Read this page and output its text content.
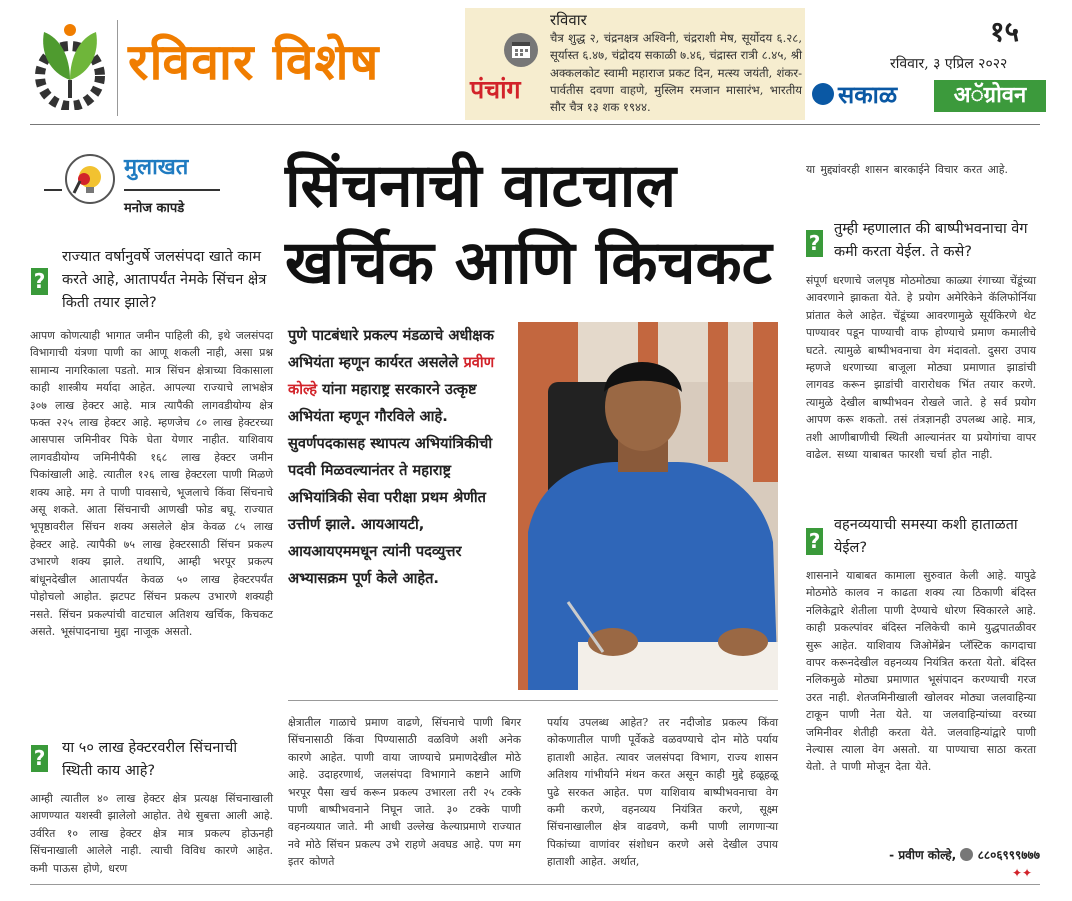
रविवार विशेष	पंचांग
रविवार
चैत्र शुद्ध २, चंद्रनक्षत्र अश्विनी, चंद्रराशी मेष, सूर्योदय ६.२८, सूर्यास्त ६.४७, चंद्रोदय सकाळी ७.४६, चंद्रास्त रात्री ८.४५, श्री अक्कलकोट स्वामी महाराज प्रकट दिन, मत्स्य जयंती, शंकर-पार्वतीस दवणा वाहणे, मुस्लिम रमजान मासारंभ, भारतीय सौर चैत्र १३ शक १९४४.
१५
रविवार, ३ एप्रिल २०२२
सकाळ	अॅग्रोवन
मुलाखत
मनोज कापडे सिंचनाची वाटचाल
खर्चिक आणि किचकट
?
राज्यात वर्षानुवर्षे जलसंपदा खाते काम करते आहे, आतापर्यंत नेमके सिंचन क्षेत्र किती तयार झाले?
आपण कोणत्याही भागात जमीन पाहिली की, इथे जलसंपदा विभागाची यंत्रणा पाणी का आणू शकली नाही, असा प्रश्न सामान्य नागरिकाला पडतो. मात्र सिंचन क्षेत्राच्या विकासाला काही शास्त्रीय मर्यादा आहेत. आपल्या राज्याचे लाभक्षेत्र ३०७ लाख हेक्टर आहे. मात्र त्यापैकी लागवडीयोग्य क्षेत्र फक्त २२५ लाख हेक्टर आहे. म्हणजेच ८० लाख हेक्टरच्या आसपास जमिनीवर पिके घेता येणार नाहीत. याशिवाय लागवडीयोग्य जमिनीपैकी १६८ लाख हेक्टर जमीन पिकांखाली आहे. त्यातील १२६ लाख हेक्टरला पाणी मिळणे शक्य आहे. मग ते पाणी पावसाचे, भूजलाचे किंवा सिंचनाचे असू शकते. आता सिंचनाची आणखी फोड बघू. राज्यात भूपृष्ठावरील सिंचन शक्य असलेले क्षेत्र केवळ ८५ लाख हेक्टर आहे. त्यापैकी ७५ लाख हेक्टरसाठी सिंचन प्रकल्प उभारणे शक्य झाले. तथापि, आम्ही भरपूर प्रकल्प बांधूनदेखील आतापर्यंत केवळ ५० लाख हेक्टरपर्यंत पोहोचलो आहोत. झटपट सिंचन प्रकल्प उभारणे शक्यही नसते. सिंचन प्रकल्पांची वाटचाल अतिशय खर्चिक, किचकट असते. भूसंपादनाचा मुद्दा नाजूक असतो.
? या ५० लाख हेक्टरवरील सिंचनाची स्थिती काय आहे?
आम्ही त्यातील ४० लाख हेक्टर क्षेत्र प्रत्यक्ष सिंचनाखाली आणण्यात यशस्वी झालेलो आहोत. तेथे सुबत्ता आली आहे. उर्वरित १० लाख हेक्टर क्षेत्र मात्र प्रकल्प होऊनही सिंचनाखाली आलेले नाही. त्याची विविध कारणे आहेत. कमी पाऊस होणे, धरण
पुणे पाटबंधारे प्रकल्प मंडळाचे अधीक्षक अभियंता म्हणून कार्यरत असलेले प्रवीण कोल्हे यांना महाराष्ट्र सरकारने उत्कृष्ट अभियंता म्हणून गौरविले आहे. सुवर्णपदकासह स्थापत्य अभियांत्रिकीची पदवी मिळवल्यानंतर ते महाराष्ट्र अभियांत्रिकी सेवा परीक्षा प्रथम श्रेणीत उत्तीर्ण झाले. आयआयटी, आयआयएममधून त्यांनी पदव्युत्तर अभ्यासक्रम पूर्ण केले आहेत.
क्षेत्रातील गाळाचे प्रमाण वाढणे, सिंचनाचे पाणी बिगर सिंचनासाठी किंवा पिण्यासाठी वळविणे अशी अनेक कारणे आहेत. पाणी वाया जाण्याचे प्रमाणदेखील मोठे आहे. उदाहरणार्थ, जलसंपदा विभागाने कष्टाने आणि भरपूर पैसा खर्च करून प्रकल्प उभारला तरी २५ टक्के पाणी बाष्पीभवनाने निघून जाते. ३० टक्के पाणी वहनव्ययात जाते. मी आधी उल्लेख केल्याप्रमाणे राज्यात नवे मोठे सिंचन प्रकल्प उभे राहणे अवघड आहे. पण मग इतर कोणते
पर्याय उपलब्ध आहेत? तर नदीजोड प्रकल्प किंवा कोकणातील पाणी पूर्वेकडे वळवण्याचे दोन मोठे पर्याय हाताशी आहेत. त्यावर जलसंपदा विभाग, राज्य शासन अतिशय गांभीर्याने मंथन करत असून काही मुद्दे हळूहळू पुढे सरकत आहेत. पण याशिवाय बाष्पीभवनाचा वेग कमी करणे, वहनव्यय नियंत्रित करणे, सूक्ष्म सिंचनाखालील क्षेत्र वाढवणे, कमी पाणी लागणाऱ्या पिकांच्या वाणांवर संशोधन करणे असे देखील उपाय हाताशी आहेत. अर्थात,
या मुद्द्यांवरही शासन बारकाईने विचार करत आहे.
?
तुम्ही म्हणालात की बाष्पीभवनाचा वेग कमी करता येईल. ते कसे?
संपूर्ण धरणाचे जलपृष्ठ मोठमोठ्या काळ्या रंगाच्या चेंडूंच्या आवरणाने झाकता येते. हे प्रयोग अमेरिकेने कॅलिफोर्निया प्रांतात केले आहेत. चेंडूंच्या आवरणामुळे सूर्यकिरणे थेट पाण्यावर पडून पाण्याची वाफ होण्याचे प्रमाण कमालीचे घटते. त्यामुळे बाष्पीभवनाचा वेग मंदावतो. दुसरा उपाय म्हणजे धरणाच्या बाजूला मोठ्या प्रमाणात झाडांची लागवड करून झाडांची वारारोधक भिंत तयार करणे. त्यामुळे देखील बाष्पीभवन रोखले जाते. हे सर्व प्रयोग आपण करू शकतो. तसं तंत्रज्ञानही उपलब्ध आहे. मात्र, तशी आणीबाणीची स्थिती आल्यानंतर या प्रयोगांचा वापर वाढेल. सध्या याबाबत फारशी चर्चा होत नाही.
?
वहनव्ययाची समस्या कशी हाताळता येईल?
शासनाने याबाबत कामाला सुरुवात केली आहे. यापुढे मोठमोठे कालव न काढता शक्य त्या ठिकाणी बंदिस्त नलिकेद्वारे शेतीला पाणी देण्याचे धोरण स्विकारले आहे. काही प्रकल्पांवर बंदिस्त नलिकेची कामे युद्धपातळीवर सुरू आहेत. याशिवाय जिओमेंब्रेन प्लॅस्टिक कागदाचा वापर करूनदेखील वहनव्यय नियंत्रित करता येतो. बंदिस्त नलिकमुळे मोठ्या प्रमाणात भूसंपादन करण्याची गरज उरत नाही. शेतजमिनीखाली खोलवर मोठ्या जलवाहिन्या टाकून पाणी नेता येते. या जलवाहिन्यांच्या वरच्या जमिनीवर शेतीही करता येते. जलवाहिन्यांद्वारे पाणी नेल्यास त्याला वेग असतो. या पाण्याचा साठा करता येतो. ते पाणी मोजून देता येते.
- प्रवीण कोल्हे, ८८०६९९९७७७
✦✦
